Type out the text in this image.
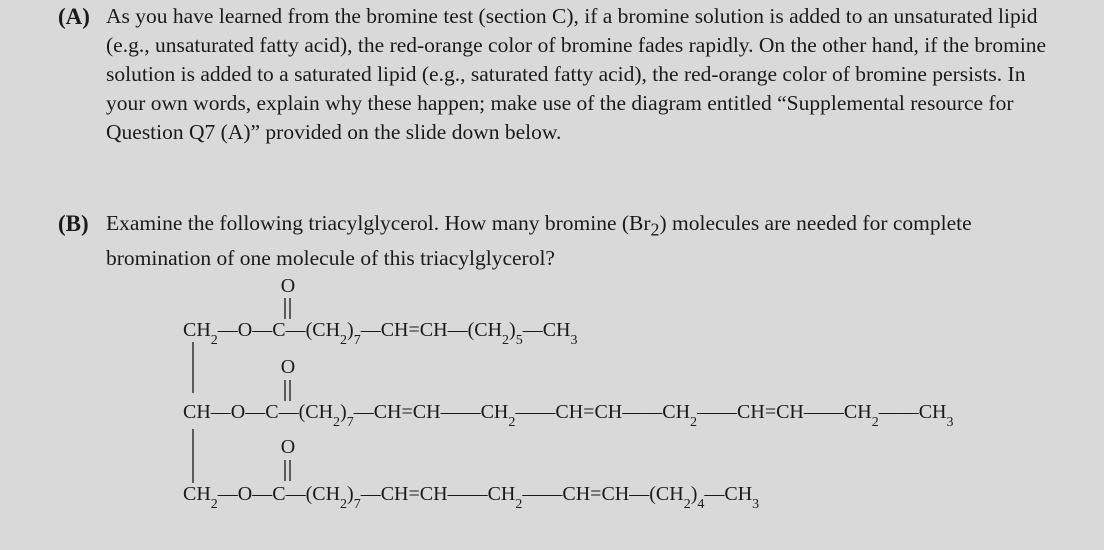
(A) As you have learned from the bromine test (section C), if a bromine solution is added to an unsaturated lipid (e.g., unsaturated fatty acid), the red-orange color of bromine fades rapidly. On the other hand, if the bromine solution is added to a saturated lipid (e.g., saturated fatty acid), the red-orange color of bromine persists. In your own words, explain why these happen; make use of the diagram entitled “Supplemental resource for Question Q7 (A)” provided on the slide down below.
(B) Examine the following triacylglycerol. How many bromine $(Br_2)$ molecules are needed for complete bromination of one molecule of this triacylglycerol?
O
O
O
$CH_2—O—C—(CH_2)_7—CH=CH—(CH_2)_5—CH_3$
$CH—O—C—(CH_2)_7—CH=CH——CH_2——CH=CH——CH_2——CH=CH——CH_2——CH_3$
$CH_2—O—C—(CH_2)_7—CH=CH——CH_2——CH=CH—(CH_2)_4—CH_3$
